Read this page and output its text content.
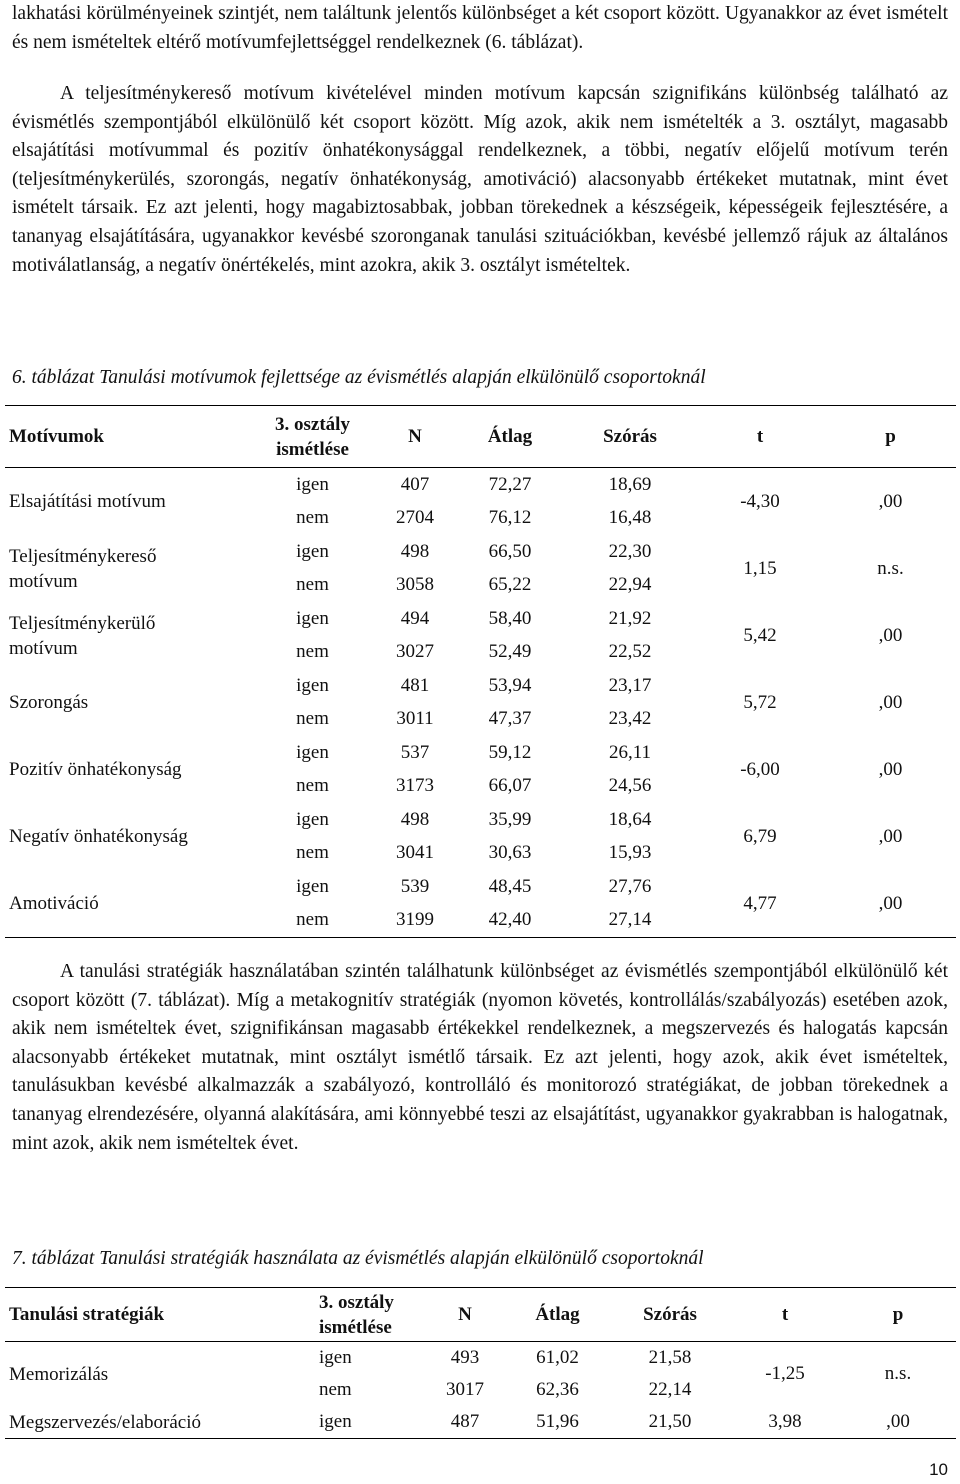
lakhatási körülményeinek szintjét, nem találtunk jelentős különbséget a két csoport között. Ugyanakkor az évet ismételt és nem ismételtek eltérő motívumfejlettséggel rendelkeznek (6. táblázat).

A teljesítménykereső motívum kivételével minden motívum kapcsán szignifikáns különbség található az évismétlés szempontjából elkülönülő két csoport között. Míg azok, akik nem ismételték a 3. osztályt, magasabb elsajátítási motívummal és pozitív önhatékonysággal rendelkeznek, a többi, negatív előjelű motívum terén (teljesítménykerülés, szorongás, negatív önhatékonyság, amotiváció) alacsonyabb értékeket mutatnak, mint évet ismételt társaik. Ez azt jelenti, hogy magabiztosabbak, jobban törekednek a készségeik, képességeik fejlesztésére, a tananyag elsajátítására, ugyanakkor kevésbé szoronganak tanulási szituációkban, kevésbé jellemző rájuk az általános motiválatlanság, a negatív önértékelés, mint azokra, akik 3. osztályt ismételtek.

6. táblázat Tanulási motívumok fejlettsége az évismétlés alapján elkülönülő csoportoknál

Motívumok	3. osztály
ismétlése	N	Átlag	Szórás	t	p
Elsajátítási motívum	igen	407	72,27	18,69	-4,30	,00
	nem	2704	76,12	16,48		
Teljesítménykereső
motívum	igen	498	66,50	22,30	1,15	n.s.
	nem	3058	65,22	22,94		
Teljesítménykerülő
motívum	igen	494	58,40	21,92	5,42	,00
	nem	3027	52,49	22,52		
Szorongás	igen	481	53,94	23,17	5,72	,00
	nem	3011	47,37	23,42		
Pozitív önhatékonyság	igen	537	59,12	26,11	-6,00	,00
	nem	3173	66,07	24,56		
Negatív önhatékonyság	igen	498	35,99	18,64	6,79	,00
	nem	3041	30,63	15,93		
Amotiváció	igen	539	48,45	27,76	4,77	,00
	nem	3199	42,40	27,14		

A tanulási stratégiák használatában szintén találhatunk különbséget az évismétlés szempontjából elkülönülő két csoport között (7. táblázat). Míg a metakognitív stratégiák (nyomon követés, kontrollálás/szabályozás) esetében azok, akik nem ismételtek évet, szignifikánsan magasabb értékekkel rendelkeznek, a megszervezés és halogatás kapcsán alacsonyabb értékeket mutatnak, mint osztályt ismétlő társaik. Ez azt jelenti, hogy azok, akik évet ismételtek, tanulásukban kevésbé alkalmazzák a szabályozó, kontrolláló és monitorozó stratégiákat, de jobban törekednek a tananyag elrendezésére, olyanná alakítására, ami könnyebbé teszi az elsajátítást, ugyanakkor gyakrabban is halogatnak, mint azok, akik nem ismételtek évet.

7. táblázat Tanulási stratégiák használata az évismétlés alapján elkülönülő csoportoknál

Tanulási stratégiák	3. osztály
ismétlése	N	Átlag	Szórás	t	p
Memorizálás	igen	493	61,02	21,58	-1,25	n.s.
	nem	3017	62,36	22,14		
Megszervezés/elaboráció	igen	487	51,96	21,50	3,98	,00
10
